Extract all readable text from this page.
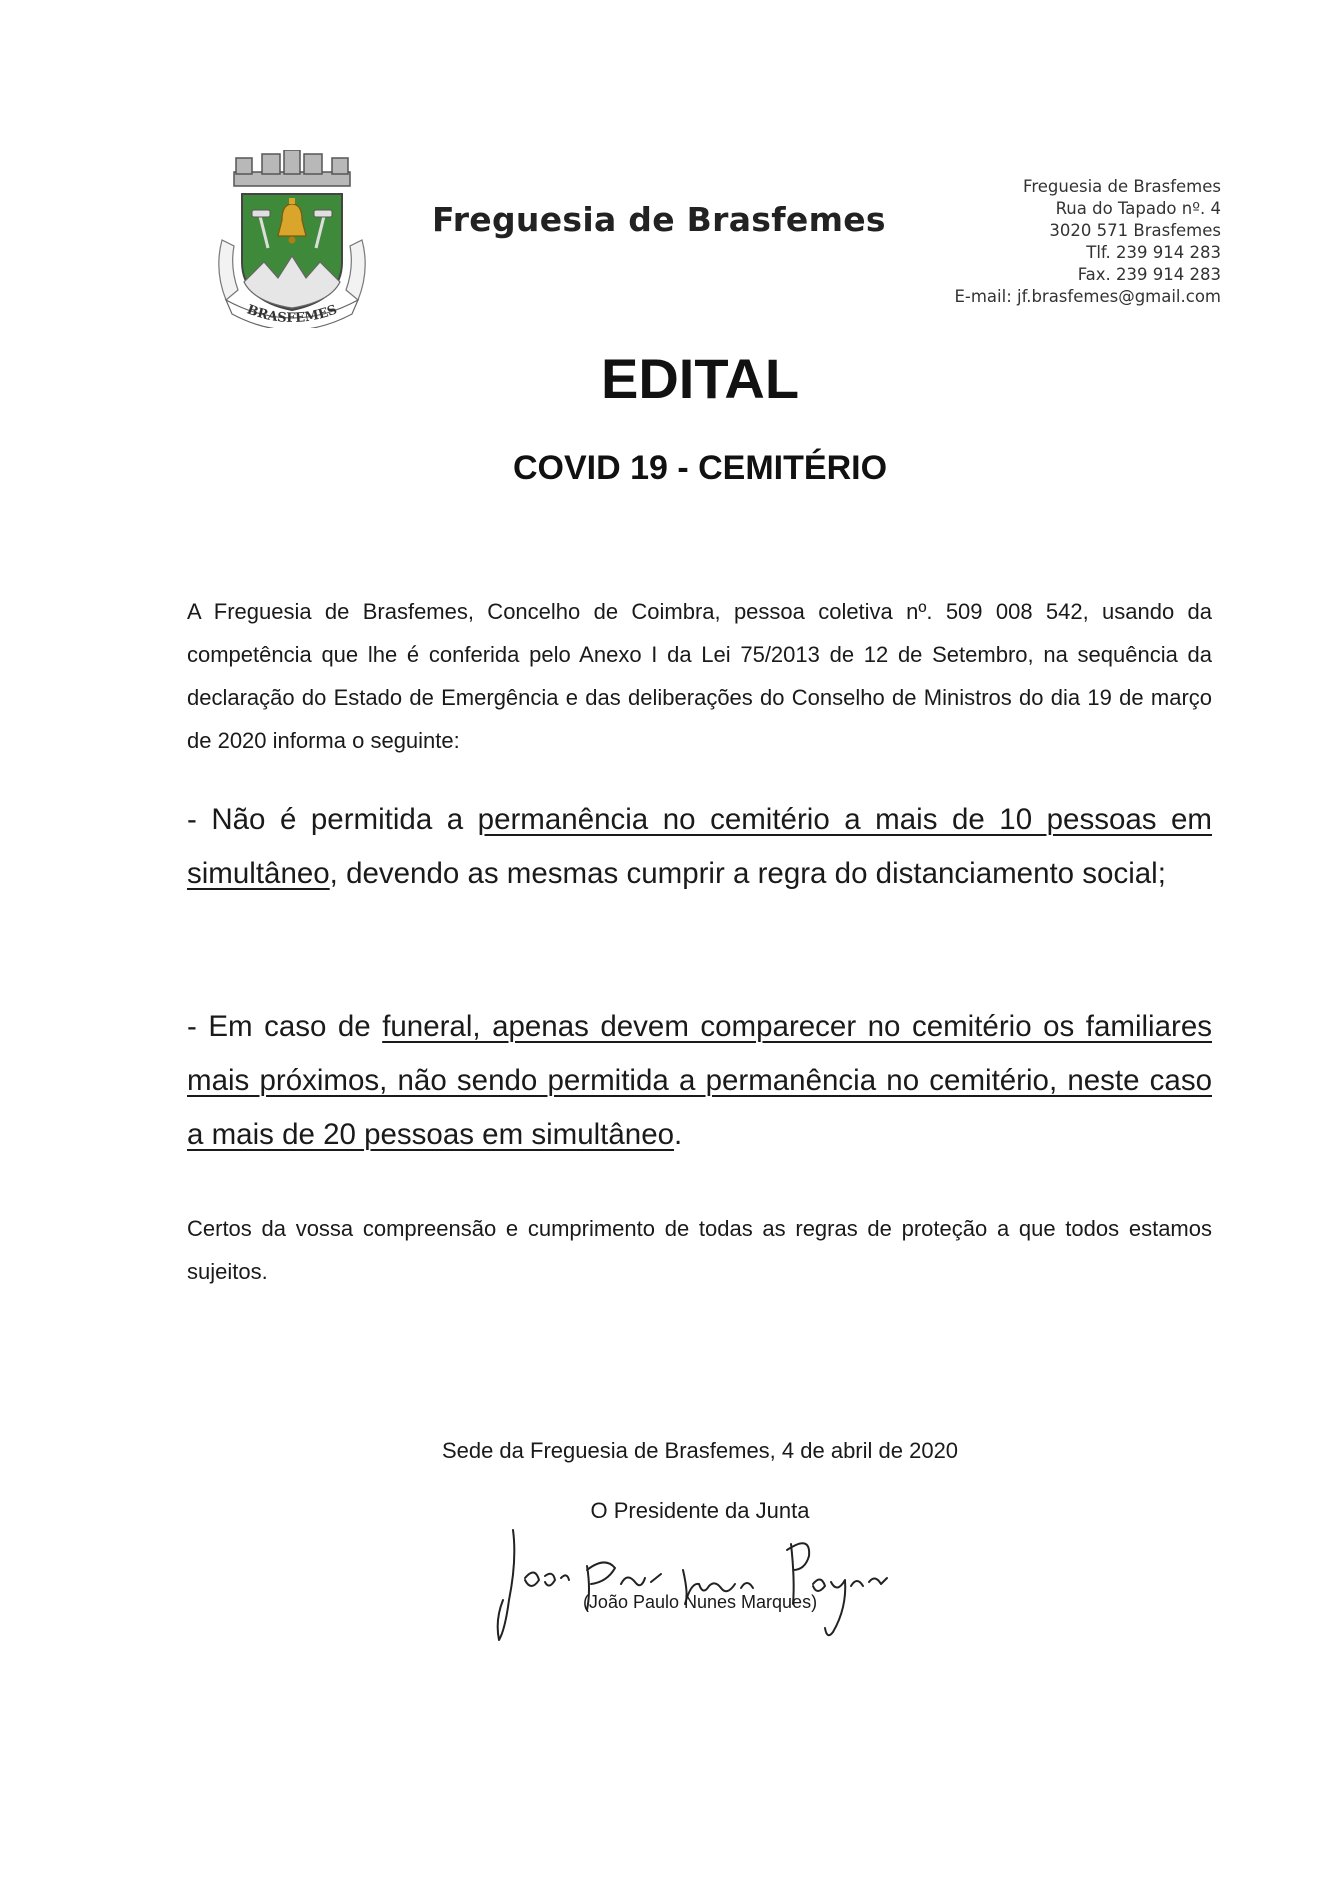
BRASFEMES
Freguesia de Brasfemes
Freguesia de Brasfemes
Rua do Tapado nº. 4
3020 571 Brasfemes
Tlf. 239 914 283
Fax. 239 914 283
E-mail: jf.brasfemes@gmail.com
EDITAL
COVID 19 - CEMITÉRIO
A Freguesia de Brasfemes, Concelho de Coimbra, pessoa coletiva nº. 509 008 542, usando da competência que lhe é conferida pelo Anexo I da Lei 75/2013 de 12 de Setembro, na sequência da declaração do Estado de Emergência e das deliberações do Conselho de Ministros do dia 19 de março de 2020 informa o seguinte:
- Não é permitida a permanência no cemitério a mais de 10 pessoas em simultâneo, devendo as mesmas cumprir a regra do distanciamento social;
- Em caso de funeral, apenas devem comparecer no cemitério os familiares mais próximos, não sendo permitida a permanência no cemitério, neste caso a mais de 20 pessoas em simultâneo.
Certos da vossa compreensão e cumprimento de todas as regras de proteção a que todos estamos sujeitos.
Sede da Freguesia de Brasfemes, 4 de abril de 2020
O Presidente da Junta
(João Paulo Nunes Marques)
